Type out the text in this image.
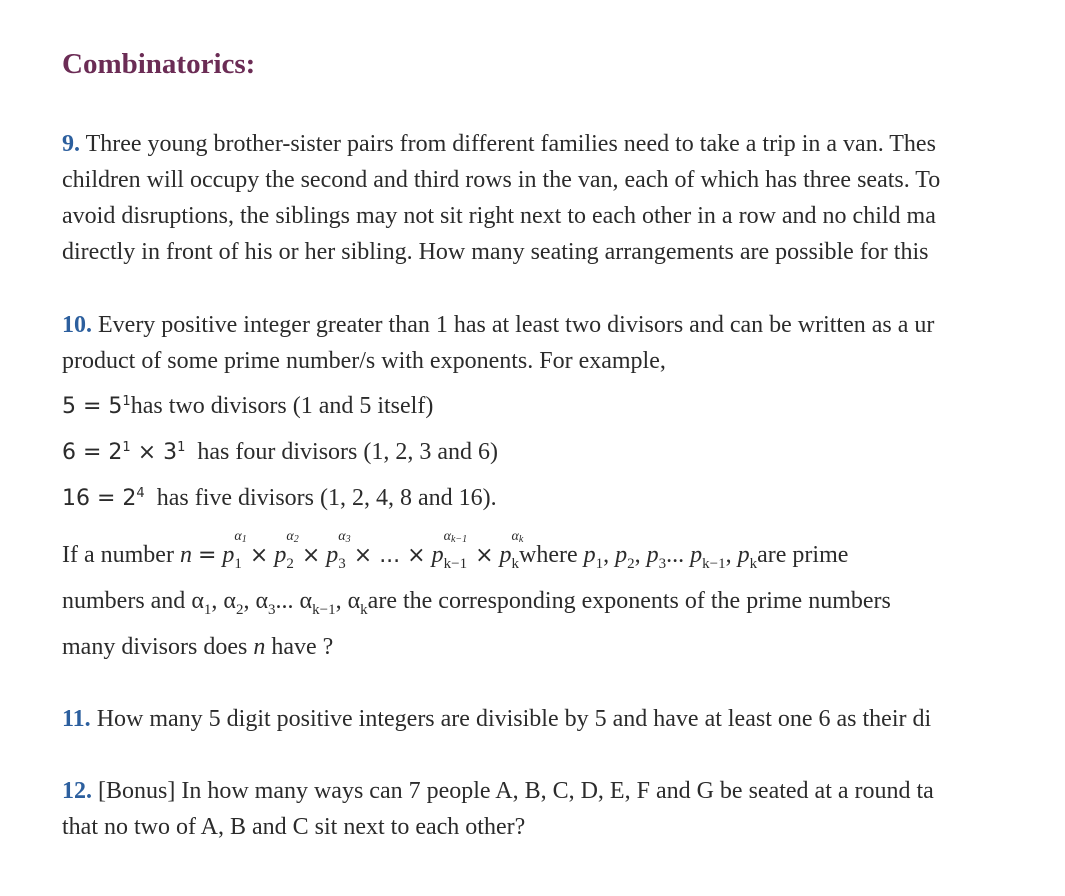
Combinatorics:
9. Three young brother-sister pairs from different families need to take a trip in a van. Thes
children will occupy the second and third rows in the van, each of which has three seats. To
avoid disruptions, the siblings may not sit right next to each other in a row and no child ma
directly in front of his or her sibling. How many seating arrangements are possible for this
10. Every positive integer greater than 1 has at least two divisors and can be written as a ur
product of some prime number/s with exponents. For example,
$5 = 5^1has$ two divisors (1 and 5 itself)
$6 = 2^1 \times 3^1$ has four divisors (1, 2, 3 and 6)
$16 = 2^4$ has five divisors (1, 2, 4, 8 and 16).
If a number $n = p_1$
$\alpha_1$
× $p_2$
$\alpha_2$
× $p_3$
$\alpha_3$
× ... × $p_{k-1}$
$\alpha_{k-1}$
× $p_k$
$\alpha_k$
where $p_1$, $p_2$, $p_3$... $p_{k-1}$, $p_kare$ prime
numbers and $\alpha_1$, $\alpha_2$, $\alpha_3$... $\alpha_{k-1}$, $\alpha_kare$ the corresponding exponents of the prime numbers
many divisors does n have ?
11. How many 5 digit positive integers are divisible by 5 and have at least one 6 as their di
12. [Bonus] In how many ways can 7 people A, B, C, D, E, F and G be seated at a round ta
that no two of A, B and C sit next to each other?
